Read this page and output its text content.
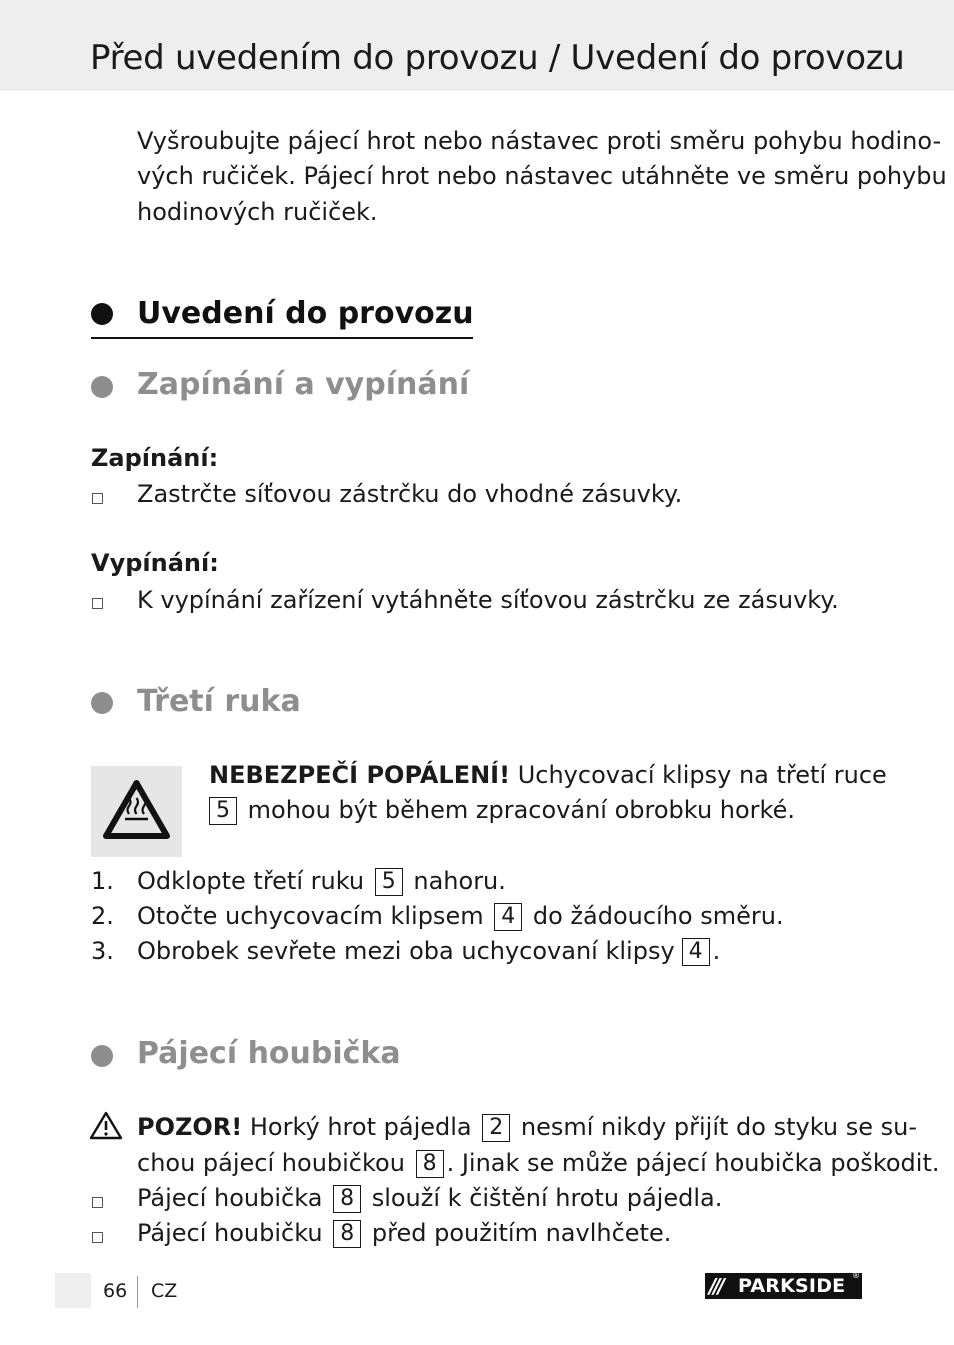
Před uvedením do provozu / Uvedení do provozu
Vyšroubujte pájecí hrot nebo nástavec proti směru pohybu hodino-
vých ručiček. Pájecí hrot nebo nástavec utáhněte ve směru pohybu
hodinových ručiček.
Uvedení do provozu
Zapínání a vypínání
Zapínání:
Zastrčte síťovou zástrčku do vhodné zásuvky.
Vypínání:
K vypínání zařízení vytáhněte síťovou zástrčku ze zásuvky.
Třetí ruka
NEBEZPEČÍ POPÁLENÍ! Uchycovací klipsy na třetí ruce
5 mohou být během zpracování obrobku horké.
1. Odklopte třetí ruku 5 nahoru.
2. Otočte uchycovacím klipsem 4 do žádoucího směru.
3. Obrobek sevřete mezi oba uchycovaní klipsy 4 .
Pájecí houbička
POZOR! Horký hrot pájedla 2 nesmí nikdy přijít do styku se su-
chou pájecí houbičkou 8 . Jinak se může pájecí houbička poškodit.
Pájecí houbička 8 slouží k čištění hrotu pájedla.
Pájecí houbičku 8 před použitím navlhčete.
66 CZ	/// PARKSIDE ®
